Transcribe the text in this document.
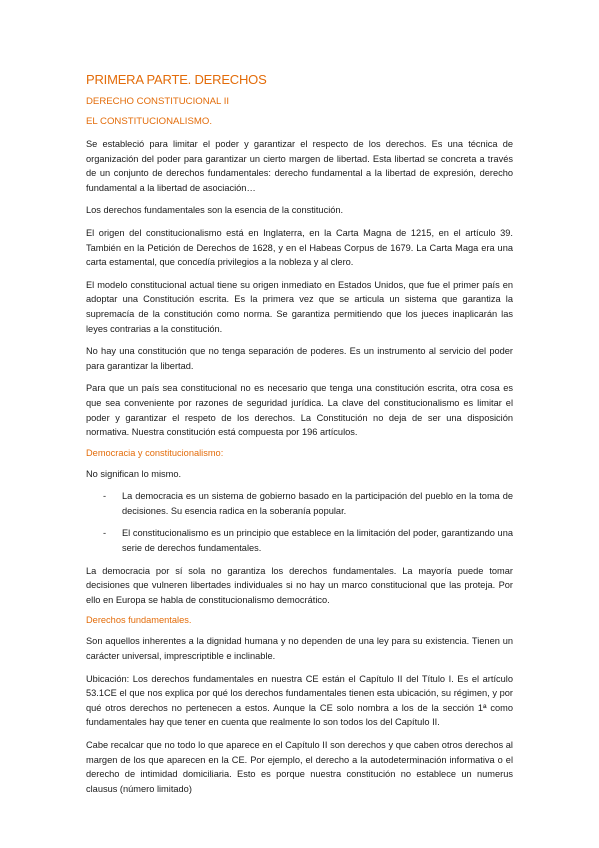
PRIMERA PARTE. DERECHOS
DERECHO CONSTITUCIONAL II
EL CONSTITUCIONALISMO.

Se estableció para limitar el poder y garantizar el respecto de los derechos. Es una técnica de organización del poder para garantizar un cierto margen de libertad. Esta libertad se concreta a través de un conjunto de derechos fundamentales: derecho fundamental a la libertad de expresión, derecho fundamental a la libertad de asociación…

Los derechos fundamentales son la esencia de la constitución.

El origen del constitucionalismo está en Inglaterra, en la Carta Magna de 1215, en el artículo 39. También en la Petición de Derechos de 1628, y en el Habeas Corpus de 1679. La Carta Maga era una carta estamental, que concedía privilegios a la nobleza y al clero.

El modelo constitucional actual tiene su origen inmediato en Estados Unidos, que fue el primer país en adoptar una Constitución escrita. Es la primera vez que se articula un sistema que garantiza la supremacía de la constitución como norma. Se garantiza permitiendo que los jueces inaplicarán las leyes contrarias a la constitución.

No hay una constitución que no tenga separación de poderes. Es un instrumento al servicio del poder para garantizar la libertad.

Para que un país sea constitucional no es necesario que tenga una constitución escrita, otra cosa es que sea conveniente por razones de seguridad jurídica. La clave del constitucionalismo es limitar el poder y garantizar el respeto de los derechos. La Constitución no deja de ser una disposición normativa. Nuestra constitución está compuesta por 196 artículos.

Democracia y constitucionalismo:

No significan lo mismo.

- La democracia es un sistema de gobierno basado en la participación del pueblo en la toma de decisiones. Su esencia radica en la soberanía popular.
- El constitucionalismo es un principio que establece en la limitación del poder, garantizando una serie de derechos fundamentales.

La democracia por sí sola no garantiza los derechos fundamentales. La mayoría puede tomar decisiones que vulneren libertades individuales si no hay un marco constitucional que las proteja. Por ello en Europa se habla de constitucionalismo democrático.

Derechos fundamentales.

Son aquellos inherentes a la dignidad humana y no dependen de una ley para su existencia. Tienen un carácter universal, imprescriptible e inclinable.

Ubicación: Los derechos fundamentales en nuestra CE están el Capítulo II del Título I. Es el artículo 53.1CE el que nos explica por qué los derechos fundamentales tienen esta ubicación, su régimen, y por qué otros derechos no pertenecen a estos. Aunque la CE solo nombra a los de la sección 1ª como fundamentales hay que tener en cuenta que realmente lo son todos los del Capítulo II.

Cabe recalcar que no todo lo que aparece en el Capítulo II son derechos y que caben otros derechos al margen de los que aparecen en la CE. Por ejemplo, el derecho a la autodeterminación informativa o el derecho de intimidad domiciliaria. Esto es porque nuestra constitución no establece un numerus clausus (número limitado)
